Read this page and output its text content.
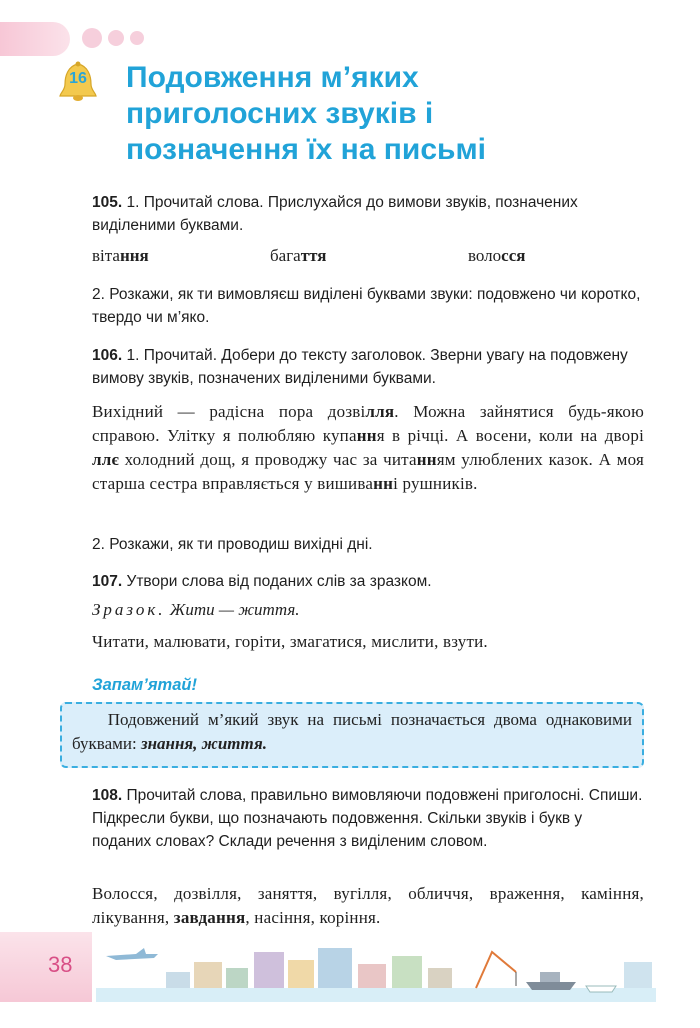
16	Подовження м’яких
приголосних звуків і
позначення їх на письмі
105. 1. Прочитай слова. Прислухайся до вимови звуків, позначених виділеними буквами.
вітання	багаття	волосся
2. Розкажи, як ти вимовляєш виділені буквами звуки: подовжено чи коротко, твердо чи м’яко.
106. 1. Прочитай. Добери до тексту заголовок. Зверни увагу на подовжену вимову звуків, позначених виділеними буквами.
Вихідний — радісна пора дозвілля. Можна зайнятися будь-якою справою. Улітку я полюбляю купання в річці. А восени, коли на дворі ллє холодний дощ, я проводжу час за читанням улюблених казок. А моя старша сестра вправляється у вишиванні рушників.
2. Розкажи, як ти проводиш вихідні дні.
107. Утвори слова від поданих слів за зразком.
Зразок. Жити — життя.
Читати, малювати, горіти, змагатися, мислити, взути.
Запам’ятай!
Подовжений м’який звук на письмі позначається двома однаковими буквами: знання, життя.
108. Прочитай слова, правильно вимовляючи подовжені приголосні. Спиши. Підкресли букви, що позначають подовження. Скільки звуків і букв у поданих словах? Склади речення з виділеним словом.
Волосся, дозвілля, заняття, вугілля, обличчя, враження, каміння, лікування, завдання, насіння, коріння.
38
